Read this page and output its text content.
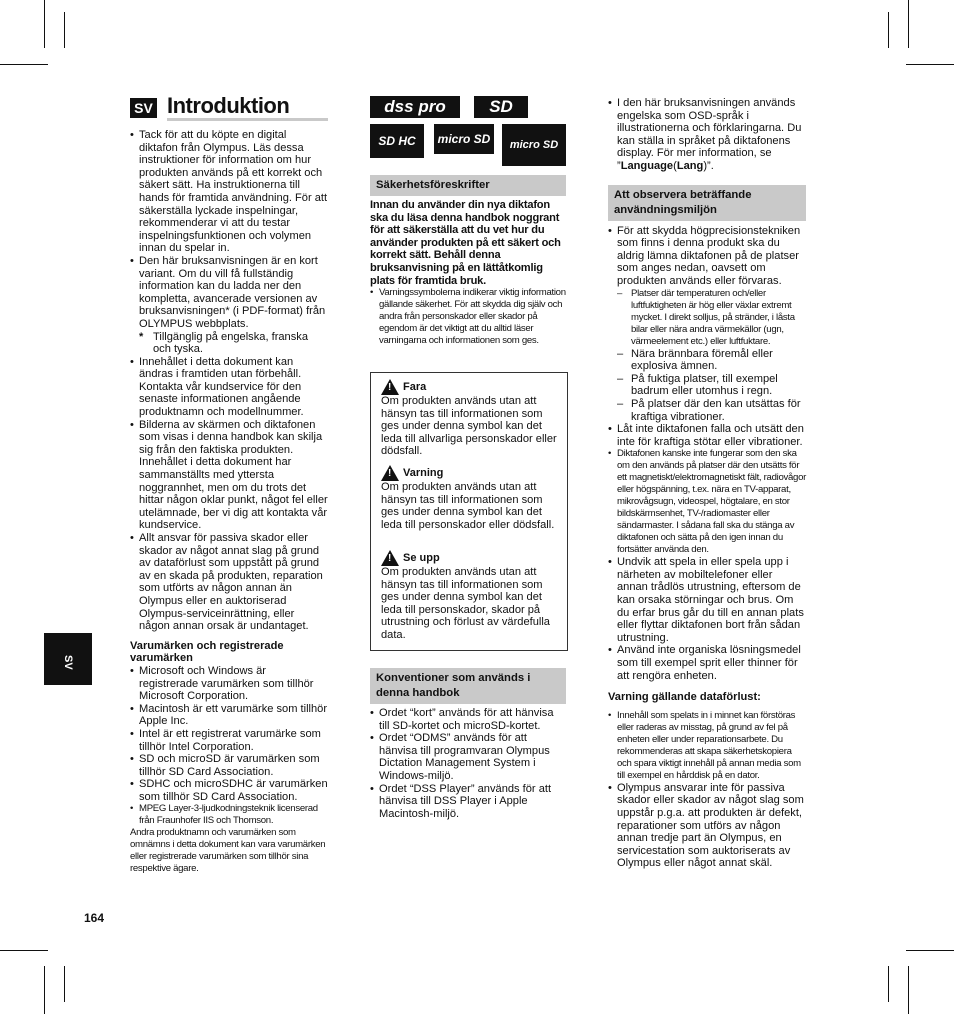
SV Introduktion
SV
164
• Tack för att du köpte en digital diktafon från Olympus. Läs dessa instruktioner för information om hur produkten används på ett korrekt och säkert sätt. Ha instruktionerna till hands för framtida användning. För att säkerställa lyckade inspelningar, rekommenderar vi att du testar inspelningsfunktionen och volymen innan du spelar in.
• Den här bruksanvisningen är en kort variant. Om du vill få fullständig information kan du ladda ner den kompletta, avancerade versionen av bruksanvisningen* (i PDF-format) från OLYMPUS webbplats.
* Tillgänglig på engelska, franska och tyska.
• Innehållet i detta dokument kan ändras i framtiden utan förbehåll. Kontakta vår kundservice för den senaste informationen angående produktnamn och modellnummer.
• Bilderna av skärmen och diktafonen som visas i denna handbok kan skilja sig från den faktiska produkten. Innehållet i detta dokument har sammanställts med yttersta noggrannhet, men om du trots det hittar någon oklar punkt, något fel eller utelämnade, ber vi dig att kontakta vår kundservice.
• Allt ansvar för passiva skador eller skador av något annat slag på grund av dataförlust som uppstått på grund av en skada på produkten, reparation som utförts av någon annan än Olympus eller en auktoriserad Olympus-serviceinrättning, eller någon annan orsak är undantaget.
Varumärken och registrerade varumärken
• Microsoft och Windows är registrerade varumärken som tillhör Microsoft Corporation.
• Macintosh är ett varumärke som tillhör Apple Inc.
• Intel är ett registrerat varumärke som tillhör Intel Corporation.
• SD och microSD är varumärken som tillhör SD Card Association.
• SDHC och microSDHC är varumärken som tillhör SD Card Association.
• MPEG Layer-3-ljudkodningsteknik licenserad från Fraunhofer IIS och Thomson.
Andra produktnamn och varumärken som omnämns i detta dokument kan vara varumärken eller registrerade varumärken som tillhör sina respektive ägare.
dss pro	SD
SD HC	micro SD	micro SD
Säkerhetsföreskrifter
Innan du använder din nya diktafon ska du läsa denna handbok noggrant för att säkerställa att du vet hur du använder produkten på ett säkert och korrekt sätt. Behåll denna bruksanvisning på en lättåtkomlig plats för framtida bruk.
• Varningssymbolerna indikerar viktig information gällande säkerhet. För att skydda dig själv och andra från personskador eller skador på egendom är det viktigt att du alltid läser varningarna och informationen som ges.
! Fara
Om produkten används utan att hänsyn tas till informationen som ges under denna symbol kan det leda till allvarliga personskador eller dödsfall.
! Varning
Om produkten används utan att hänsyn tas till informationen som ges under denna symbol kan det leda till personskador eller dödsfall.
! Se upp
Om produkten används utan att hänsyn tas till informationen som ges under denna symbol kan det leda till personskador, skador på utrustning och förlust av värdefulla data.
Konventioner som används i denna handbok
• Ordet “kort” används för att hänvisa till SD-kortet och microSD-kortet.
• Ordet “ODMS” används för att hänvisa till programvaran Olympus Dictation Management System i Windows-miljö.
• Ordet “DSS Player” används för att hänvisa till DSS Player i Apple Macintosh-miljö.
• I den här bruksanvisningen används engelska som OSD-språk i illustrationerna och förklaringarna. Du kan ställa in språket på diktafonens display. För mer information, se ”Language(Lang)”.
Att observera beträffande användningsmiljön
• För att skydda högprecisionstekniken som finns i denna produkt ska du aldrig lämna diktafonen på de platser som anges nedan, oavsett om produkten används eller förvaras.
– Platser där temperaturen och/eller luftfuktigheten är hög eller växlar extremt mycket. I direkt solljus, på stränder, i låsta bilar eller nära andra värmekällor (ugn, värmeelement etc.) eller luftfuktare.
– Nära brännbara föremål eller explosiva ämnen.
– På fuktiga platser, till exempel badrum eller utomhus i regn.
– På platser där den kan utsättas för kraftiga vibrationer.
• Låt inte diktafonen falla och utsätt den inte för kraftiga stötar eller vibrationer.
• Diktafonen kanske inte fungerar som den ska om den används på platser där den utsätts för ett magnetiskt/elektromagnetiskt fält, radiovågor eller högspänning, t.ex. nära en TV-apparat, mikrovågsugn, videospel, högtalare, en stor bildskärmsenhet, TV-/radiomaster eller sändarmaster. I sådana fall ska du stänga av diktafonen och sätta på den igen innan du fortsätter använda den.
• Undvik att spela in eller spela upp i närheten av mobiltelefoner eller annan trådlös utrustning, eftersom de kan orsaka störningar och brus. Om du erfar brus går du till en annan plats eller flyttar diktafonen bort från sådan utrustning.
• Använd inte organiska lösningsmedel som till exempel sprit eller thinner för att rengöra enheten.
Varning gällande dataförlust:
• Innehåll som spelats in i minnet kan förstöras eller raderas av misstag, på grund av fel på enheten eller under reparationsarbete. Du rekommenderas att skapa säkerhetskopiera och spara viktigt innehåll på annan media som till exempel en hårddisk på en dator.
• Olympus ansvarar inte för passiva skador eller skador av något slag som uppstår p.g.a. att produkten är defekt, reparationer som utförs av någon annan tredje part än Olympus, en servicestation som auktoriserats av Olympus eller något annat skäl.
